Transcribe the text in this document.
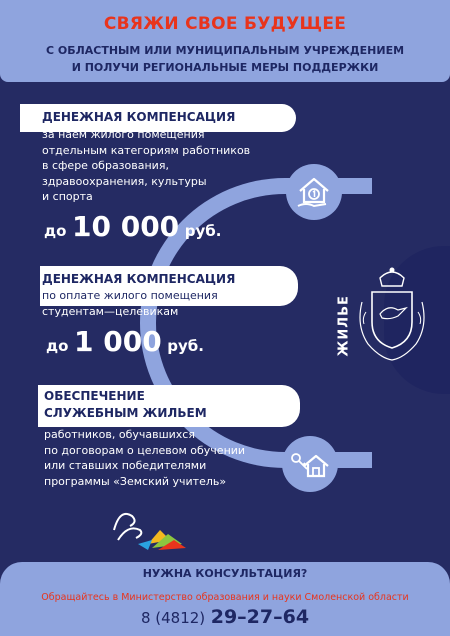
СВЯЖИ СВОЕ БУДУЩЕЕ
С ОБЛАСТНЫМ ИЛИ МУНИЦИПАЛЬНЫМ УЧРЕЖДЕНИЕМ
И ПОЛУЧИ РЕГИОНАЛЬНЫЕ МЕРЫ ПОДДЕРЖКИ
ЖИЛЬЕ
ДЕНЕЖНАЯ КОМПЕНСАЦИЯ
за наем жилого помещения
отдельным категориям работников
в сфере образования,
здравоохранения, культуры
и спорта
до 10 000 руб.
ДЕНЕЖНАЯ КОМПЕНСАЦИЯ
по оплате жилого помещения
студентам—целевикам
до 1 000 руб.
ОБЕСПЕЧЕНИЕ
СЛУЖЕБНЫМ ЖИЛЬЕМ
работников, обучавшихся
по договорам о целевом обучении
или ставших победителями
программы «Земский учитель»
НУЖНА КОНСУЛЬТАЦИЯ?
Обращайтесь в Министерство образования и науки Смоленской области
8 (4812) 29–27–64
